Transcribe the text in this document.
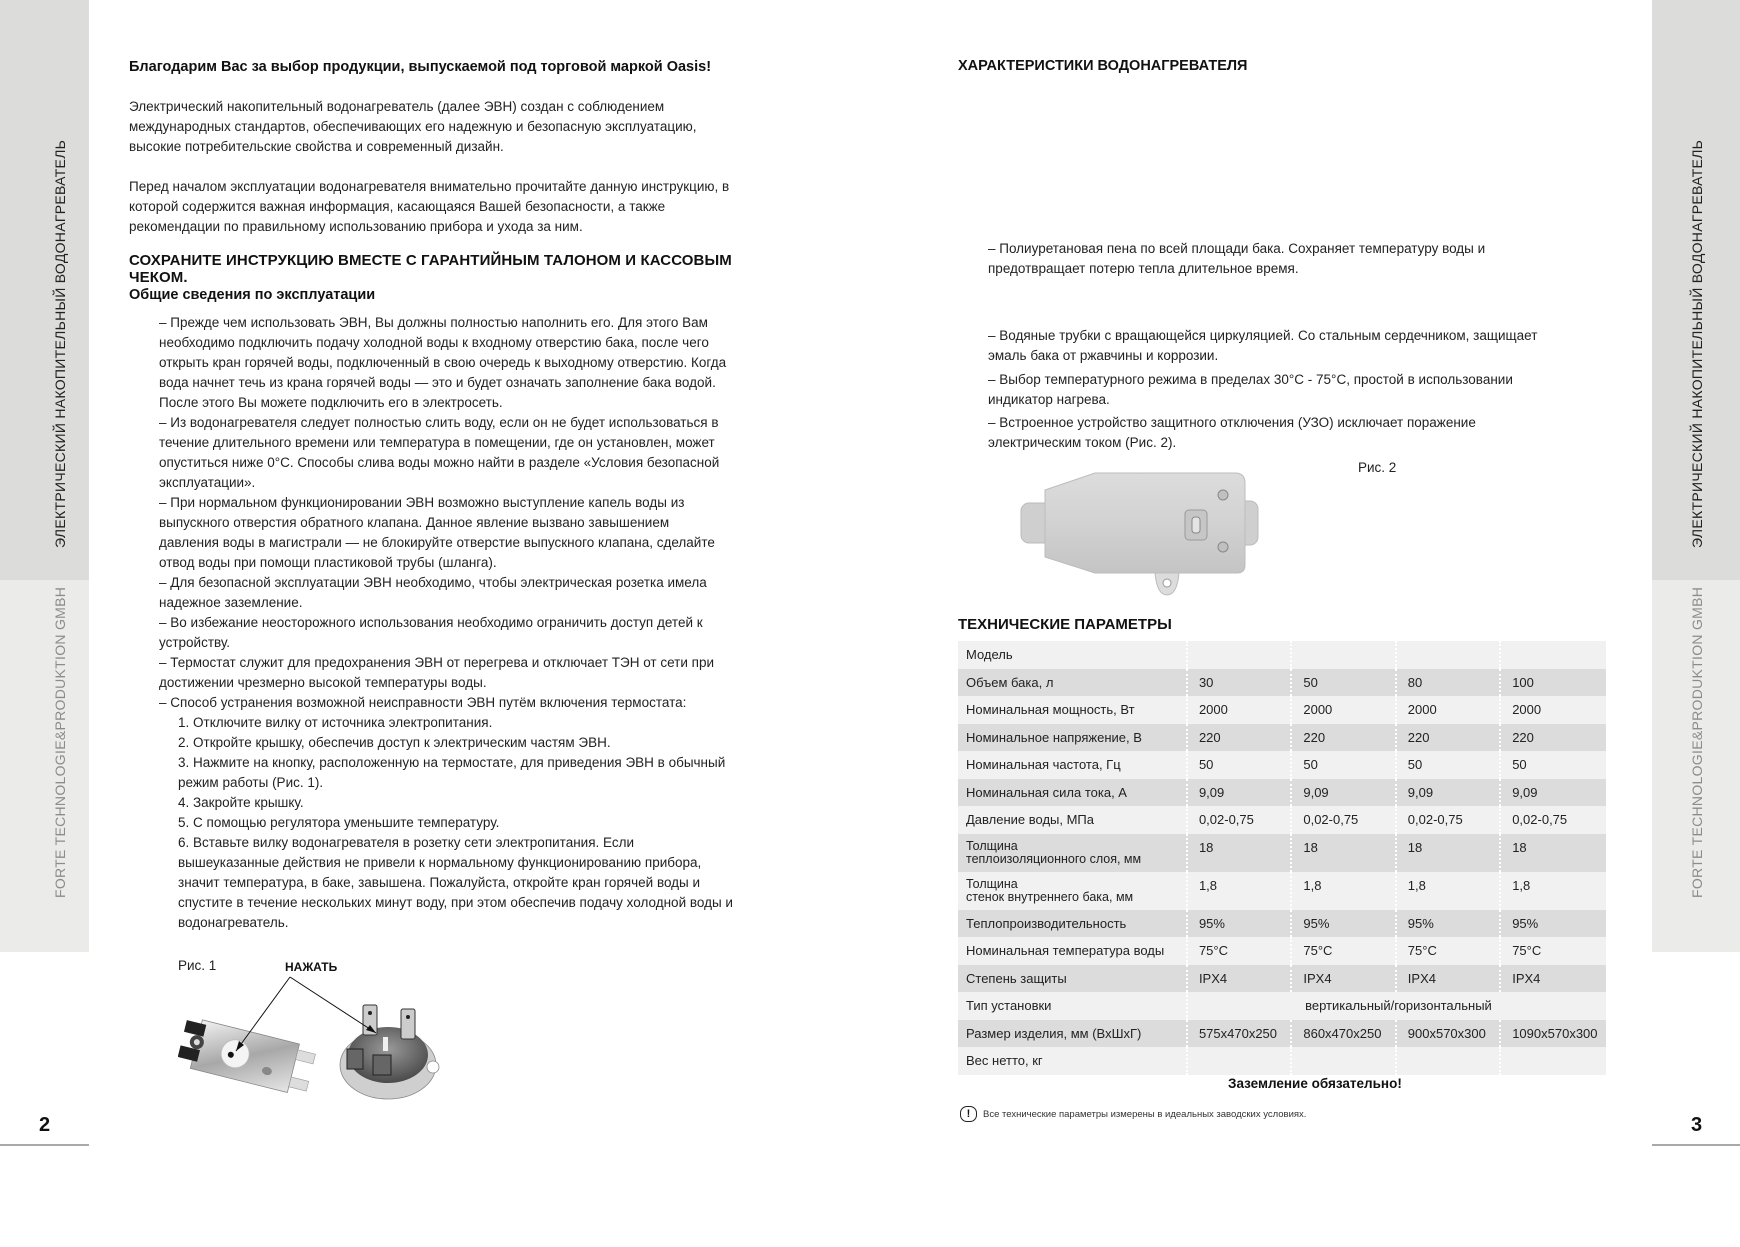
ЭЛЕКТРИЧЕСКИЙ НАКОПИТЕЛЬНЫЙ ВОДОНАГРЕВАТЕЛЬ
FORTE TECHNOLOGIE&PRODUKTION GMBH
2
ЭЛЕКТРИЧЕСКИЙ НАКОПИТЕЛЬНЫЙ ВОДОНАГРЕВАТЕЛЬ
FORTE TECHNOLOGIE&PRODUKTION GMBH
3
Благодарим Вас за выбор продукции, выпускаемой под торговой маркой Oasis!
Электрический накопительный водонагреватель (далее ЭВН) создан с соблюдением
международных стандартов, обеспечивающих его надежную и безопасную эксплуатацию,
высокие потребительские свойства и современный дизайн.
Перед началом эксплуатации водонагревателя внимательно прочитайте данную инструкцию, в
которой содержится важная информация, касающаяся Вашей безопасности, а также
рекомендации по правильному использованию прибора и ухода за ним.
СОХРАНИТЕ ИНСТРУКЦИЮ ВМЕСТЕ С ГАРАНТИЙНЫМ ТАЛОНОМ И КАССОВЫМ ЧЕКОМ.
Общие сведения по эксплуатации
– Прежде чем использовать ЭВН, Вы должны полностью наполнить его. Для этого Вам
необходимо подключить подачу холодной воды к входному отверстию бака, после чего
открыть кран горячей воды, подключенный в свою очередь к выходному отверстию. Когда
вода начнет течь из крана горячей воды — это и будет означать заполнение бака водой.
После этого Вы можете подключить его в электросеть.
– Из водонагревателя следует полностью слить воду, если он не будет использоваться в
течение длительного времени или температура в помещении, где он установлен, может
опуститься ниже 0°С. Способы слива воды можно найти в разделе «Условия безопасной
эксплуатации».
– При нормальном функционировании ЭВН возможно выступление капель воды из
выпускного отверстия обратного клапана. Данное явление вызвано завышением
давления воды в магистрали — не блокируйте отверстие выпускного клапана, сделайте
отвод воды при помощи пластиковой трубы (шланга).
– Для безопасной эксплуатации ЭВН необходимо, чтобы электрическая розетка имела
надежное заземление.
– Во избежание неосторожного использования необходимо ограничить доступ детей к
устройству.
– Термостат служит для предохранения ЭВН от перегрева и отключает ТЭН от сети при
достижении чрезмерно высокой температуры воды.
– Способ устранения возможной неисправности ЭВН путём включения термостата:
1. Отключите вилку от источника электропитания.
2. Откройте крышку, обеспечив доступ к электрическим частям ЭВН.
3. Нажмите на кнопку, расположенную на термостате, для приведения ЭВН в обычный
режим работы (Рис. 1).
4. Закройте крышку.
5. С помощью регулятора уменьшите температуру.
6. Вставьте вилку водонагревателя в розетку сети электропитания. Если
вышеуказанные действия не привели к нормальному функционированию прибора,
значит температура, в баке, завышена. Пожалуйста, откройте кран горячей воды и
спустите в течение нескольких минут воду, при этом обеспечив подачу холодной воды и
водонагреватель.
Рис. 1	НАЖАТЬ
ХАРАКТЕРИСТИКИ ВОДОНАГРЕВАТЕЛЯ
– Полиуретановая пена по всей площади бака. Сохраняет температуру воды и
предотвращает потерю тепла длительное время.
– Водяные трубки с вращающейся циркуляцией. Со стальным сердечником, защищает
эмаль бака от ржавчины и коррозии.
– Выбор температурного режима в пределах 30°С - 75°С, простой в использовании
индикатор нагрева.
– Встроенное устройство защитного отключения (УЗО) исключает поражение
электрическим током (Рис. 2).
Рис. 2
ТЕХНИЧЕСКИЕ ПАРАМЕТРЫ
Модель				
Объем бака, л	30	50	80	100
Номинальная мощность, Вт	2000	2000	2000	2000
Номинальное напряжение, В	220	220	220	220
Номинальная частота, Гц	50	50	50	50
Номинальная сила тока, А	9,09	9,09	9,09	9,09
Давление воды, МПа	0,02-0,75	0,02-0,75	0,02-0,75	0,02-0,75

Толщина
теплоизоляционного слоя, мм	18	18	18	18

Толщина
стенок внутреннего бака, мм	1,8	1,8	1,8	1,8
Теплопроизводительность	95%	95%	95%	95%
Номинальная температура воды	75°C	75°C	75°C	75°C
Степень защиты	IPX4	IPX4	IPX4	IPX4
Тип установки	вертикальный/горизонтальный			
Размер изделия, мм (ВхШхГ)	575x470x250	860x470x250	900x570x300	1090x570x300
Вес нетто, кг				
Заземление обязательно!
!	Все технические параметры измерены в идеальных заводских условиях.
